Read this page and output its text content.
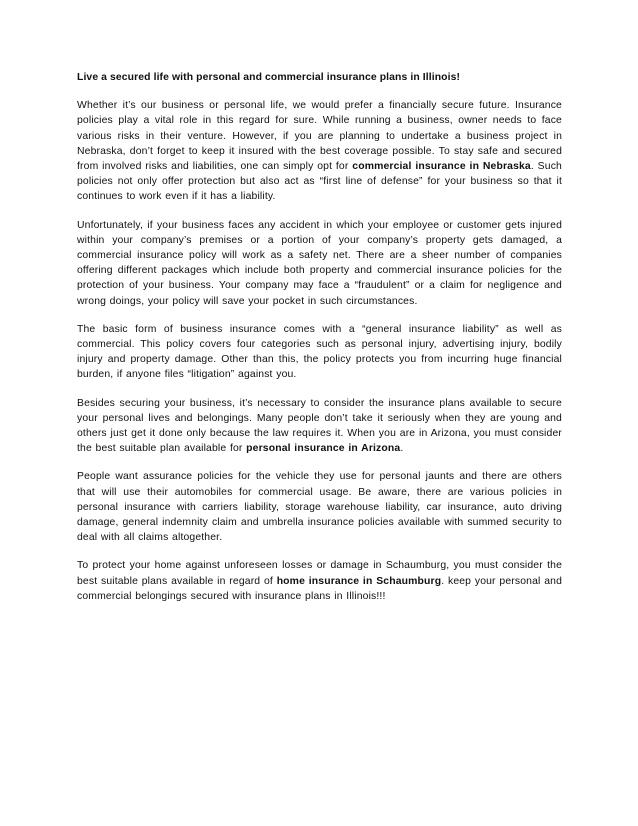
Live a secured life with personal and commercial insurance plans in Illinois!

Whether it’s our business or personal life, we would prefer a financially secure future. Insurance policies play a vital role in this regard for sure. While running a business, owner needs to face various risks in their venture. However, if you are planning to undertake a business project in Nebraska, don’t forget to keep it insured with the best coverage possible. To stay safe and secured from involved risks and liabilities, one can simply opt for commercial insurance in Nebraska. Such policies not only offer protection but also act as “first line of defense” for your business so that it continues to work even if it has a liability.

Unfortunately, if your business faces any accident in which your employee or customer gets injured within your company’s premises or a portion of your company’s property gets damaged, a commercial insurance policy will work as a safety net. There are a sheer number of companies offering different packages which include both property and commercial insurance policies for the protection of your business. Your company may face a “fraudulent” or a claim for negligence and wrong doings, your policy will save your pocket in such circumstances.

The basic form of business insurance comes with a “general insurance liability” as well as commercial. This policy covers four categories such as personal injury, advertising injury, bodily injury and property damage. Other than this, the policy protects you from incurring huge financial burden, if anyone files “litigation” against you.

Besides securing your business, it’s necessary to consider the insurance plans available to secure your personal lives and belongings. Many people don’t take it seriously when they are young and others just get it done only because the law requires it. When you are in Arizona, you must consider the best suitable plan available for personal insurance in Arizona.

People want assurance policies for the vehicle they use for personal jaunts and there are others that will use their automobiles for commercial usage. Be aware, there are various policies in personal insurance with carriers liability, storage warehouse liability, car insurance, auto driving damage, general indemnity claim and umbrella insurance policies available with summed security to deal with all claims altogether.

To protect your home against unforeseen losses or damage in Schaumburg, you must consider the best suitable plans available in regard of home insurance in Schaumburg. keep your personal and commercial belongings secured with insurance plans in Illinois!!!
